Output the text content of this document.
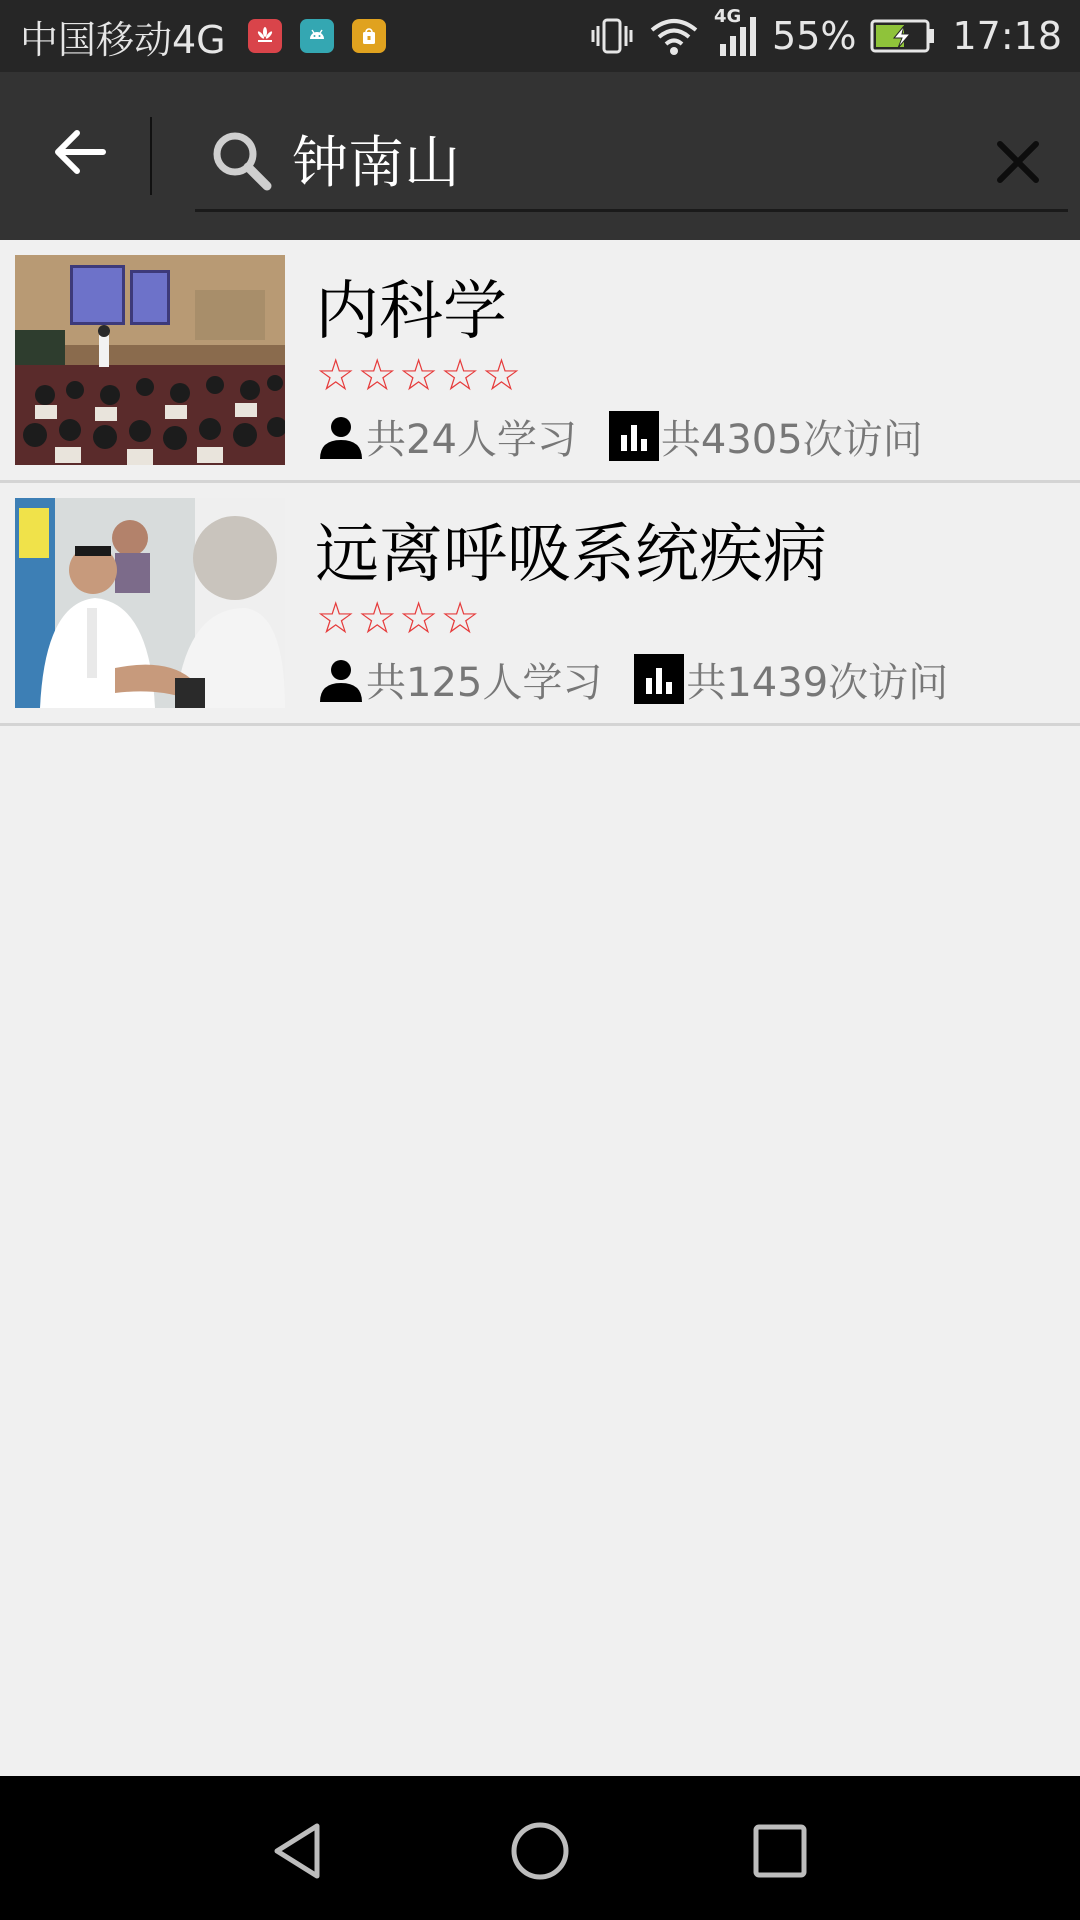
中国移动4G
4G 55%	17:18
钟南山
内科学
☆☆☆☆☆
共24人学习 共4305次访问
远离呼吸系统疾病
☆☆☆☆
共125人学习 共1439次访问
